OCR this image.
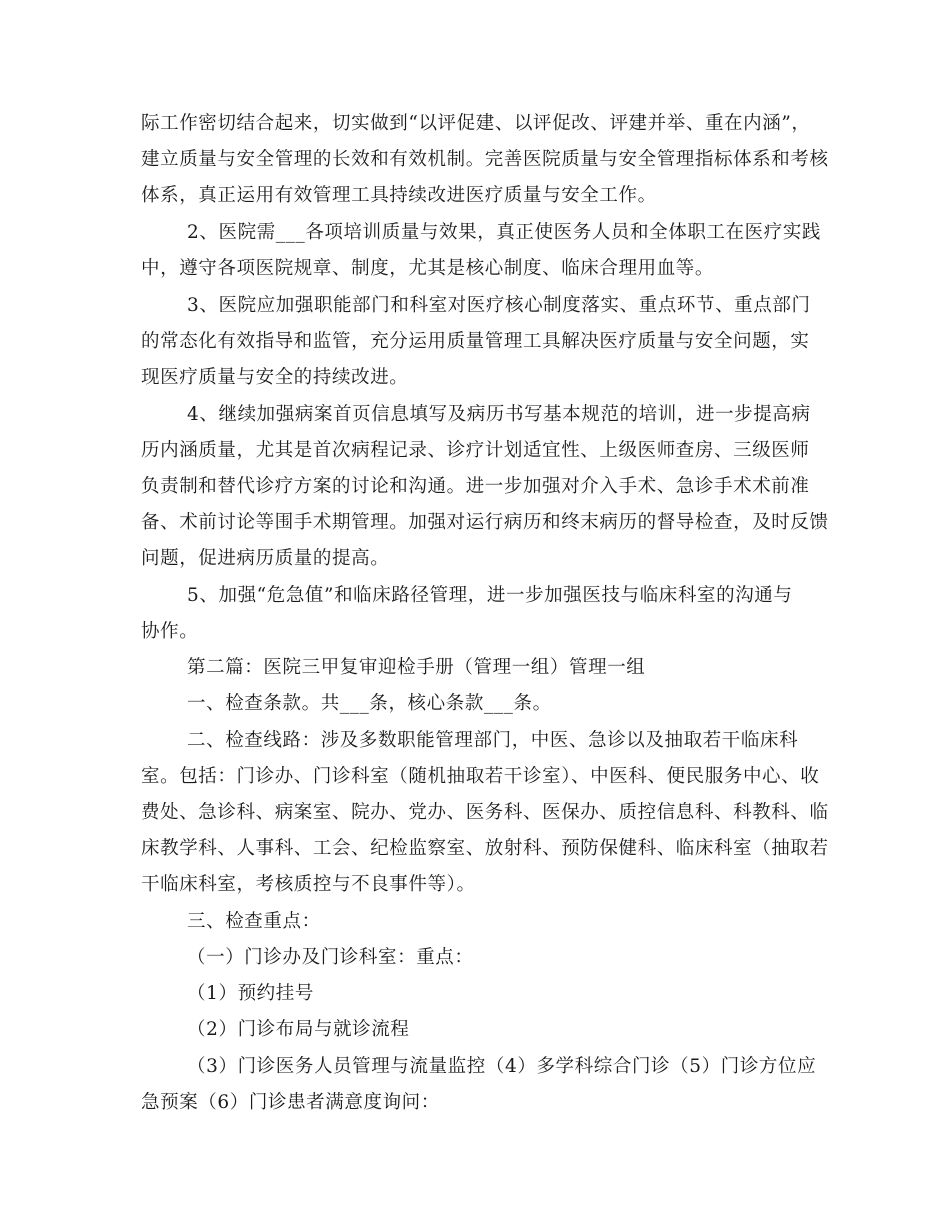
际工作密切结合起来，切实做到“以评促建、以评促改、评建并举、重在内涵”，
建立质量与安全管理的长效和有效机制。完善医院质量与安全管理指标体系和考核
体系，真正运用有效管理工具持续改进医疗质量与安全工作。
2、医院需___各项培训质量与效果，真正使医务人员和全体职工在医疗实践
中，遵守各项医院规章、制度，尤其是核心制度、临床合理用血等。
3、医院应加强职能部门和科室对医疗核心制度落实、重点环节、重点部门
的常态化有效指导和监管，充分运用质量管理工具解决医疗质量与安全问题，实
现医疗质量与安全的持续改进。
4、继续加强病案首页信息填写及病历书写基本规范的培训，进一步提高病
历内涵质量，尤其是首次病程记录、诊疗计划适宜性、上级医师查房、三级医师
负责制和替代诊疗方案的讨论和沟通。进一步加强对介入手术、急诊手术术前准
备、术前讨论等围手术期管理。加强对运行病历和终末病历的督导检查，及时反馈
问题，促进病历质量的提高。
5、加强“危急值”和临床路径管理，进一步加强医技与临床科室的沟通与
协作。
第二篇：医院三甲复审迎检手册（管理一组）管理一组
一、检查条款。共___条，核心条款___条。
二、检查线路：涉及多数职能管理部门，中医、急诊以及抽取若干临床科
室。包括：门诊办、门诊科室（随机抽取若干诊室）、中医科、便民服务中心、收
费处、急诊科、病案室、院办、党办、医务科、医保办、质控信息科、科教科、临
床教学科、人事科、工会、纪检监察室、放射科、预防保健科、临床科室（抽取若
干临床科室，考核质控与不良事件等）。
三、检查重点：
（一）门诊办及门诊科室：重点：
（1）预约挂号
（2）门诊布局与就诊流程
（3）门诊医务人员管理与流量监控（4）多学科综合门诊（5）门诊方位应
急预案（6）门诊患者满意度询问：
